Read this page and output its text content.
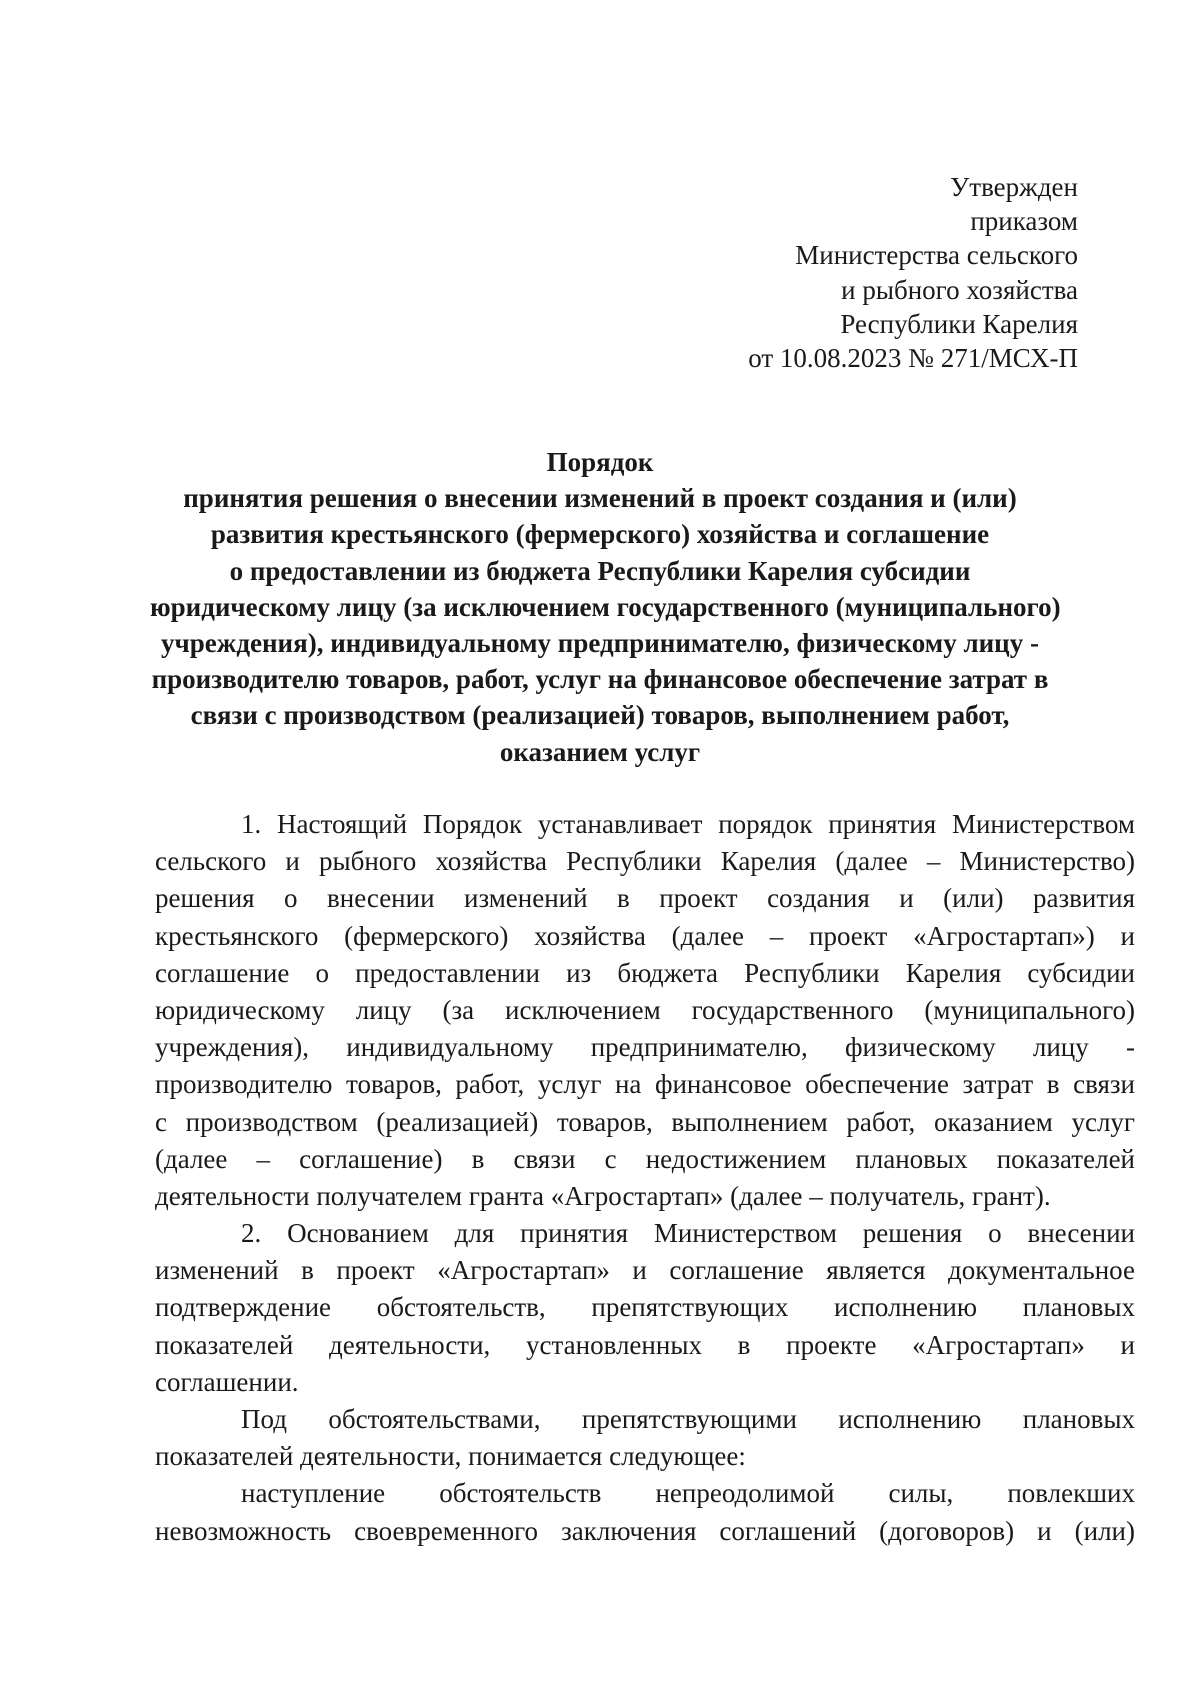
Утвержден
приказом
Министерства сельского
и рыбного хозяйства
Республики Карелия
от 10.08.2023 № 271/МСХ-П
Порядок
принятия решения о внесении изменений в проект создания и (или)
развития крестьянского (фермерского) хозяйства и соглашение
о предоставлении из бюджета Республики Карелия субсидии
юридическому лицу (за исключением государственного (муниципального)
учреждения), индивидуальному предпринимателю, физическому лицу -
производителю товаров, работ, услуг на финансовое обеспечение затрат в
связи с производством (реализацией) товаров, выполнением работ,
оказанием услуг
1. Настоящий Порядок устанавливает порядок принятия Министерством
сельского и рыбного хозяйства Республики Карелия (далее – Министерство)
решения о внесении изменений в проект создания и (или) развития
крестьянского (фермерского) хозяйства (далее – проект «Агростартап») и
соглашение о предоставлении из бюджета Республики Карелия субсидии
юридическому лицу (за исключением государственного (муниципального)
учреждения), индивидуальному предпринимателю, физическому лицу -
производителю товаров, работ, услуг на финансовое обеспечение затрат в связи
с производством (реализацией) товаров, выполнением работ, оказанием услуг
(далее – соглашение) в связи с недостижением плановых показателей
деятельности получателем гранта «Агростартап» (далее – получатель, грант).
2. Основанием для принятия Министерством решения о внесении
изменений в проект «Агростартап» и соглашение является документальное
подтверждение обстоятельств, препятствующих исполнению плановых
показателей деятельности, установленных в проекте «Агростартап» и
соглашении.
Под обстоятельствами, препятствующими исполнению плановых
показателей деятельности, понимается следующее:
наступление обстоятельств непреодолимой силы, повлекших
невозможность своевременного заключения соглашений (договоров) и (или)
